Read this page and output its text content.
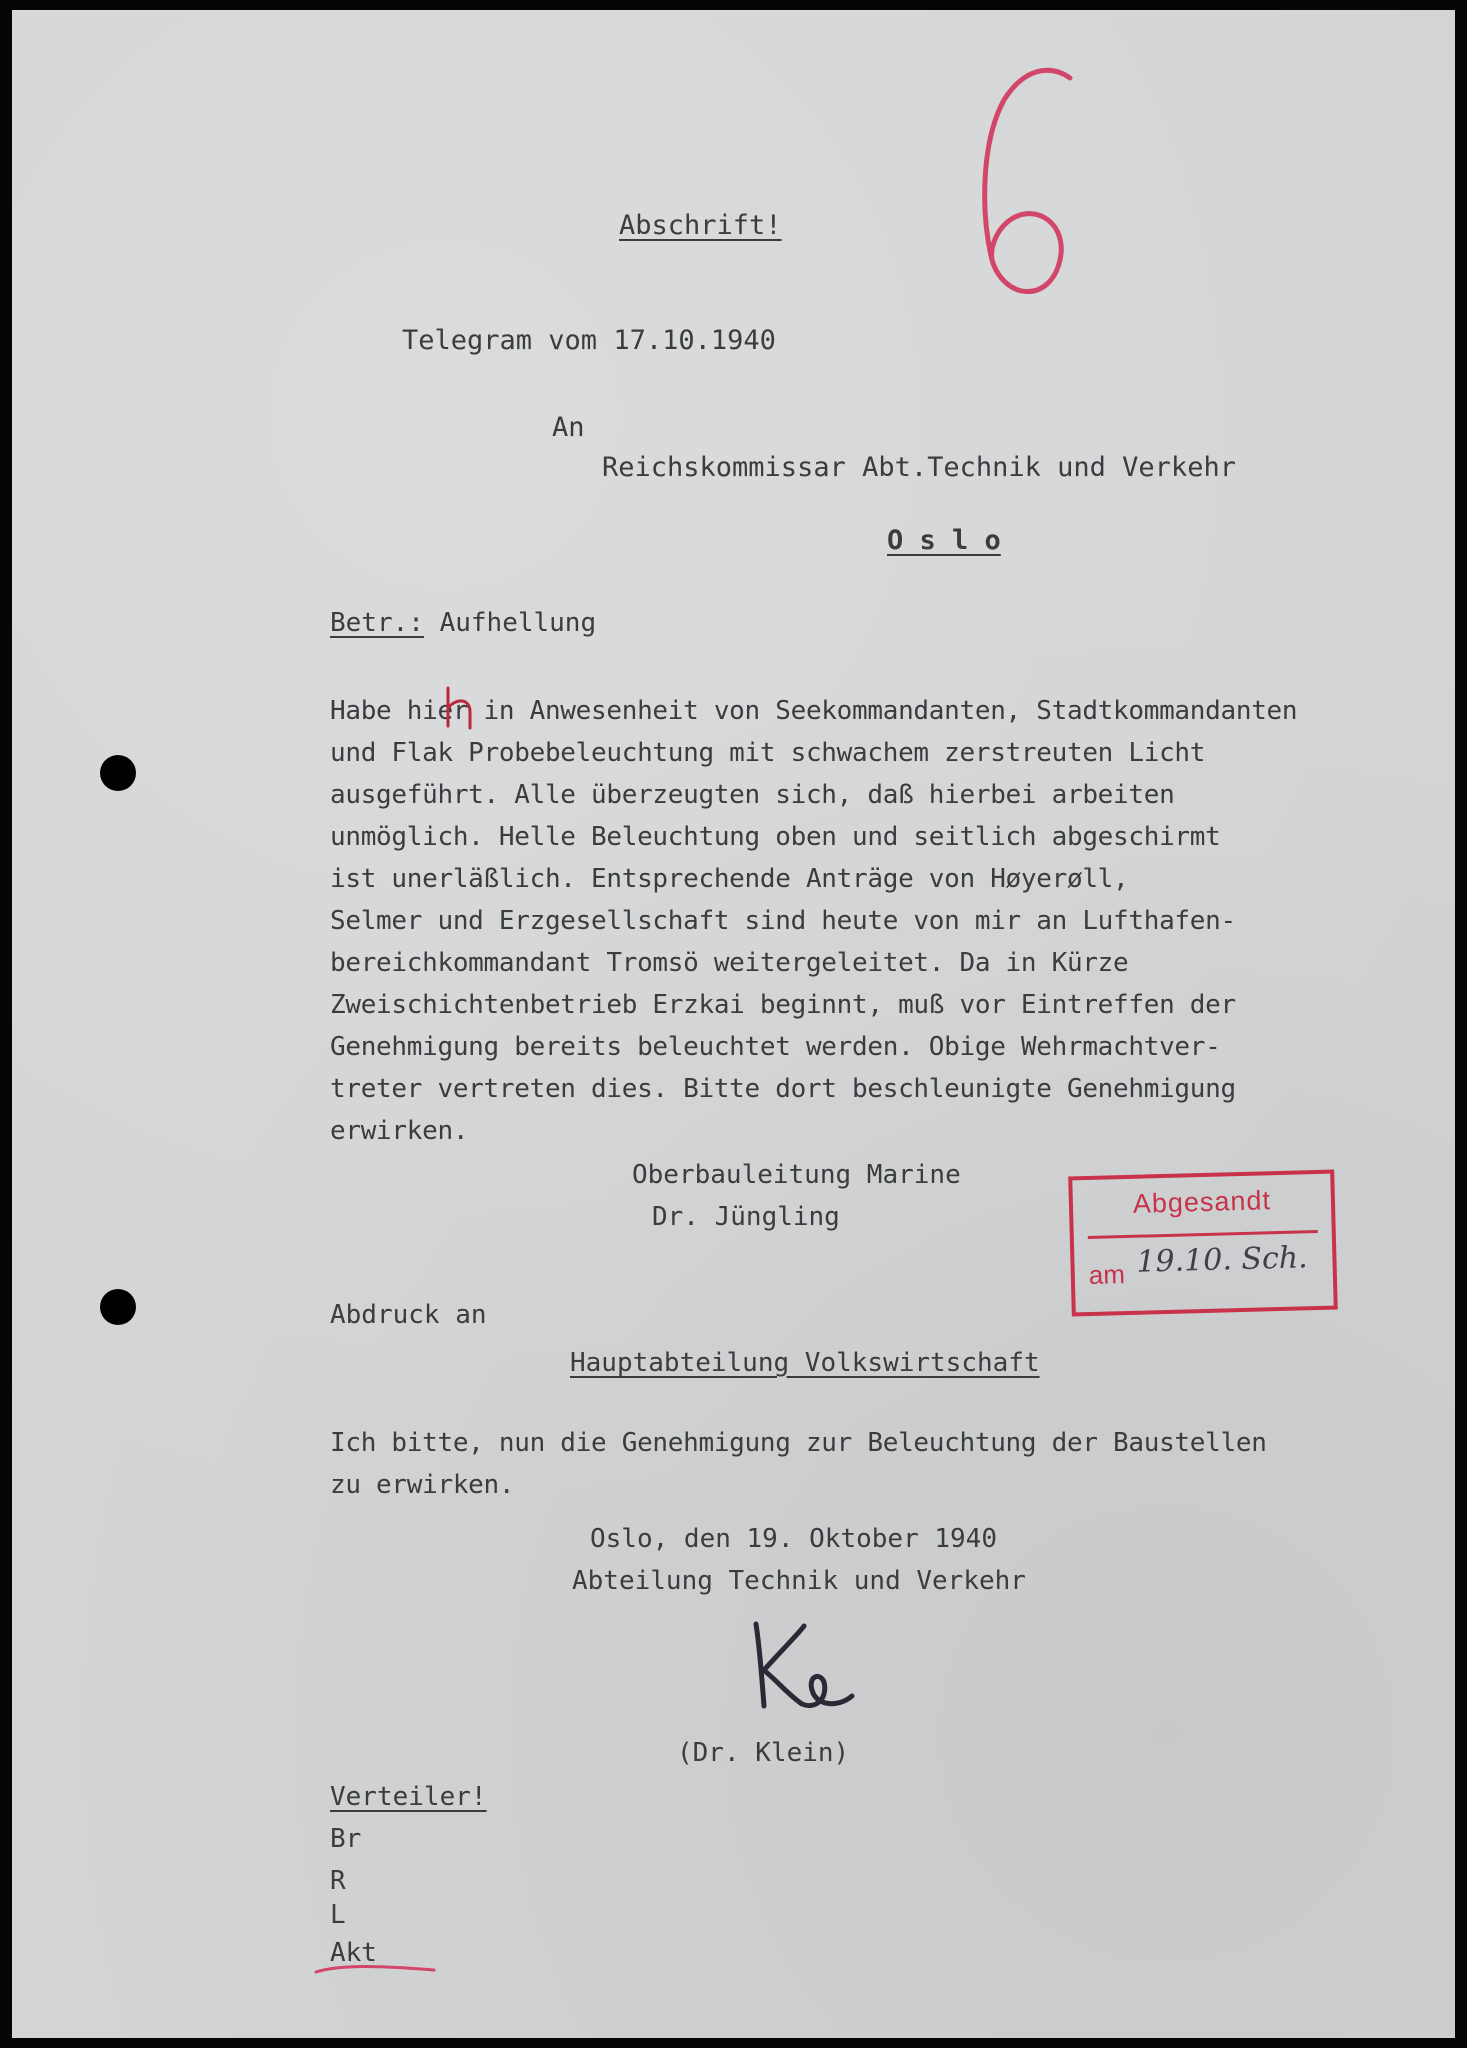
Abschrift!
Telegram vom 17.10.1940
An
Reichskommissar Abt.Technik und Verkehr
O s l o
Betr.: Aufhellung
Habe hier in Anwesenheit von Seekommandanten, Stadtkommandanten
und Flak Probebeleuchtung mit schwachem zerstreuten Licht
ausgeführt. Alle überzeugten sich, daß hierbei arbeiten
unmöglich. Helle Beleuchtung oben und seitlich abgeschirmt
ist unerläßlich. Entsprechende Anträge von Høyerøll,
Selmer und Erzgesellschaft sind heute von mir an Lufthafen-
bereichkommandant Tromsö weitergeleitet. Da in Kürze
Zweischichtenbetrieb Erzkai beginnt, muß vor Eintreffen der
Genehmigung bereits beleuchtet werden. Obige Wehrmachtver-
treter vertreten dies. Bitte dort beschleunigte Genehmigung
erwirken.
Oberbauleitung Marine
Dr. Jüngling	Abgesandt
am 19.10. Sch.
Abdruck an
Hauptabteilung Volkswirtschaft
Ich bitte, nun die Genehmigung zur Beleuchtung der Baustellen
zu erwirken.
Oslo, den 19. Oktober 1940
Abteilung Technik und Verkehr
(Dr. Klein)
Verteiler!
Br
R
L
Akt
